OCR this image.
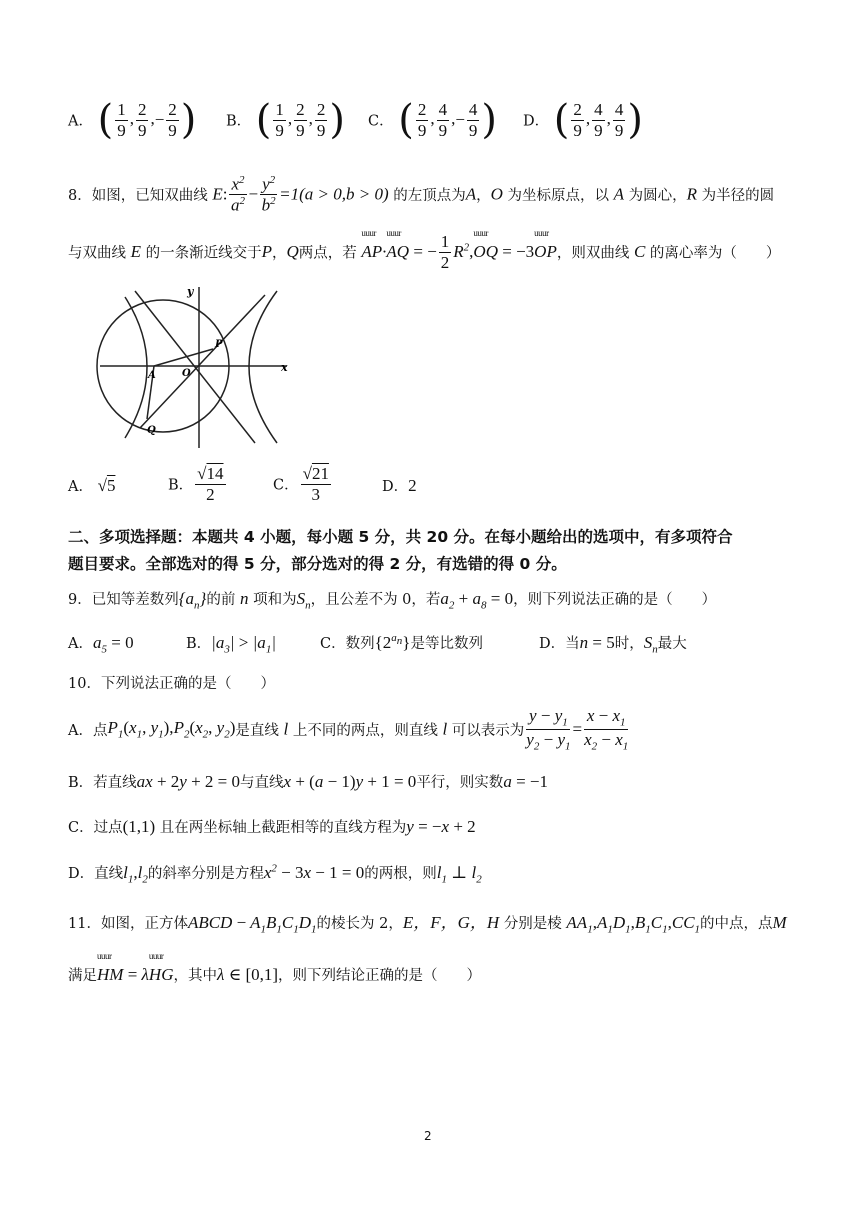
A． ( $\frac{1}{9}$ , $\frac{2}{9}$ ,− $\frac{2}{9}$ ) B． ( $\frac{1}{9}$ , $\frac{2}{9}$ , $\frac{2}{9}$ ) C． ( $\frac{2}{9}$ , $\frac{4}{9}$ ,− $\frac{4}{9}$ ) D． ( $\frac{2}{9}$ , $\frac{4}{9}$ , $\frac{4}{9}$ )
8．如图，已知双曲线 E: $\frac{x^2}{a^2} - \frac{y^2}{b^2} =1(a > 0,b > 0)$ 的左顶点为A，O 为坐标原点，以 A 为圆心，R 为半径的圆
与双曲线 E 的一条渐近线交于P，Q两点，若 uuur AP·uuur AQ = − $\frac{1}{2}$ $R^2,uuur$ OQ = −3uuur OP，则双曲线 C 的离心率为（　　）
y
x
P
O
A
Q
A． √5	B． $\frac{√14}{2}$	C． $\frac{√21}{3}$	D．2
二、多项选择题：本题共 4 小题，每小题 5 分，共 20 分。在每小题给出的选项中，有多项符合
题目要求。全部选对的得 5 分，部分选对的得 2 分，有选错的得 0 分。
9．已知等差数列$\{a_n\}$的前 n 项和为$S_n$，且公差不为 0，若$a_2 + a_8 = 0$，则下列说法正确的是（　　）
A．$a_5 = 0$	B．$|a_3| > |a_1|$	C．数列$\{2^{a_n}\}$是等比数列	D．当n = 5时，$S_n$最大
10．下列说法正确的是（　　）
A．点$P_1(x_1$, $y_1),P_2(x_2$, $y_2$)是直线 l 上不同的两点，则直线 l 可以表示为 $\frac{y - y_1}{y_2 - y_1} = \frac{x - x_1}{x_2 - x_1}$
B．若直线ax + 2y + 2 = 0与直线x + (a − 1)y + 1 = 0平行，则实数a = −1
C．过点(1,1) 且在两坐标轴上截距相等的直线方程为y = −x + 2
D．直线$l_1,l_2$的斜率分别是方程$x^2 - 3x - 1 = 0$的两根，则$l_1$ ⊥ $l_2$
11．如图，正方体ABCD − $A_1B_1C_1D_1$的棱长为 2，E，F，G，H 分别是棱 $AA_1,A_1D_1,B_1C_1,CC_1$的中点，点M
满足uuur HM = λuuur HG，其中λ ∈ [0,1]，则下列结论正确的是（　　）
2
